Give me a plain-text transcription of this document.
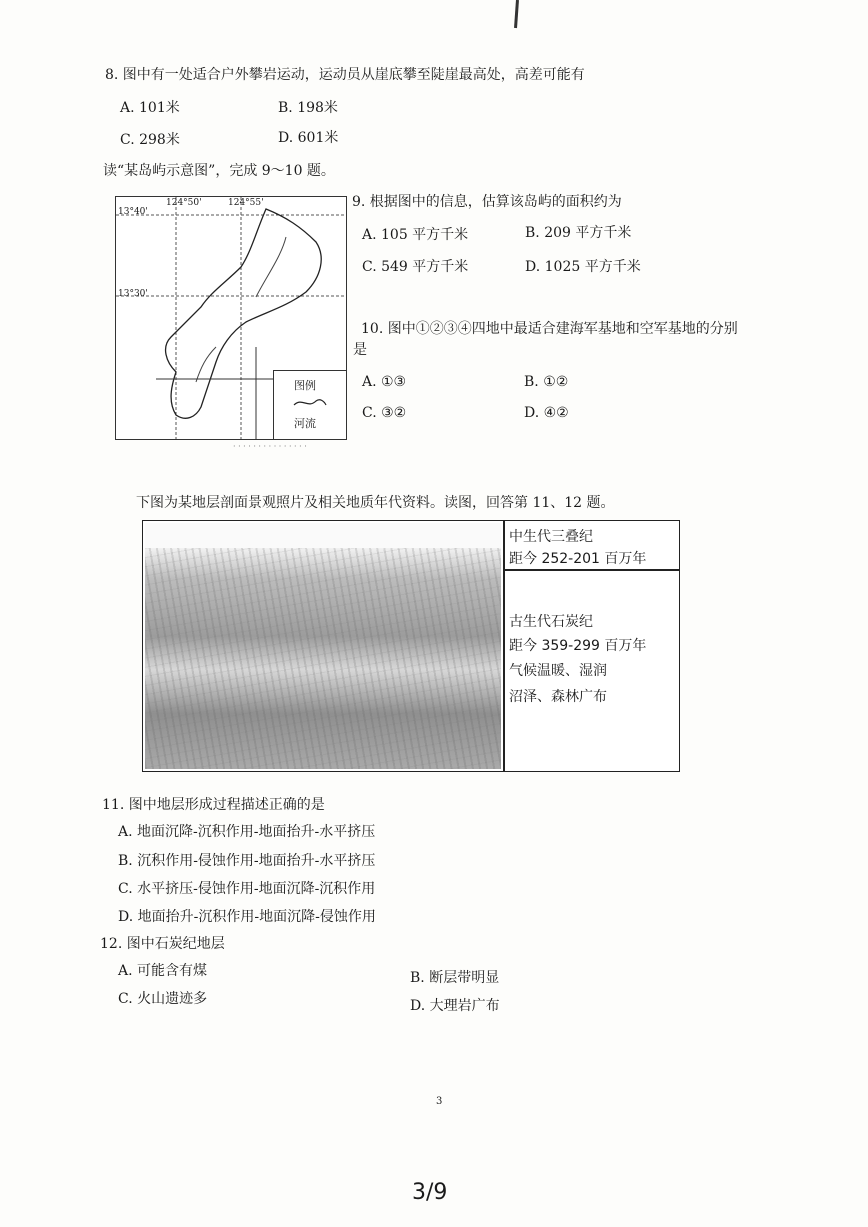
8. 图中有一处适合户外攀岩运动，运动员从崖底攀至陡崖最高处，高差可能有
A. 101米	B. 198米
C. 298米	D. 601米
读“某岛屿示意图”，完成 9～10 题。
13°40'
124°50'	124°55'
13°30'
图例
河流
· · · · · · · · · · · · · · ·
9. 根据图中的信息，估算该岛屿的面积约为
A. 105 平方千米	B. 209 平方千米
C. 549 平方千米	D. 1025 平方千米
10. 图中①②③④四地中最适合建海军基地和空军基地的分别
是
A. ①③	B. ①②
C. ③②	D. ④②
下图为某地层剖面景观照片及相关地质年代资料。读图，回答第 11、12 题。
中生代三叠纪
距今 252-201 百万年
古生代石炭纪
距今 359-299 百万年
气候温暖、湿润
沼泽、森林广布
11. 图中地层形成过程描述正确的是
A. 地面沉降-沉积作用-地面抬升-水平挤压
B. 沉积作用-侵蚀作用-地面抬升-水平挤压
C. 水平挤压-侵蚀作用-地面沉降-沉积作用
D. 地面抬升-沉积作用-地面沉降-侵蚀作用
12. 图中石炭纪地层
A. 可能含有煤	B. 断层带明显
C. 火山遗迹多	D. 大理岩广布
3
3/9
